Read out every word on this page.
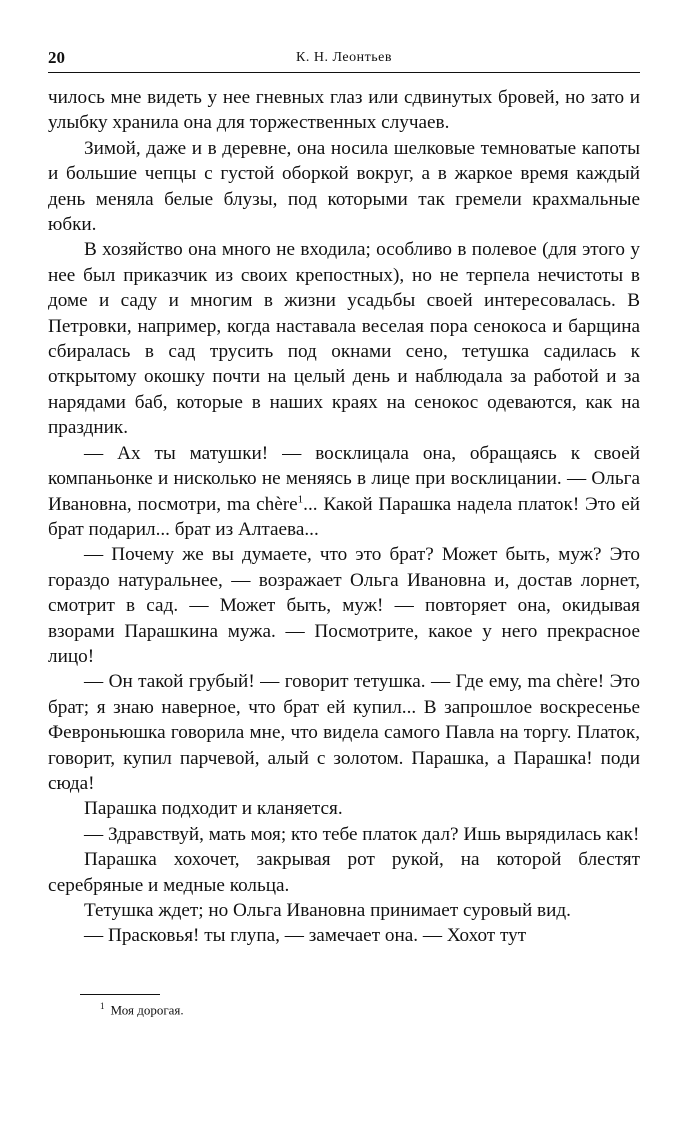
20	К. Н. Леонтьев

чилось мне видеть у нее гневных глаз или сдвинутых бровей, но зато и улыбку хранила она для торжественных случаев.

Зимой, даже и в деревне, она носила шелковые темноватые капоты и большие чепцы с густой оборкой вокруг, а в жаркое время каждый день меняла белые блузы, под которыми так гремели крахмальные юбки.

В хозяйство она много не входила; особливо в полевое (для этого у нее был приказчик из своих крепостных), но не терпела нечистоты в доме и саду и многим в жизни усадьбы своей интересовалась. В Петровки, например, когда наставала веселая пора сенокоса и барщина сбиралась в сад трусить под окнами сено, тетушка садилась к открытому окошку почти на целый день и наблюдала за работой и за нарядами баб, которые в наших краях на сенокос одеваются, как на праздник.

— Ах ты матушки! — восклицала она, обращаясь к своей компаньонке и нисколько не меняясь в лице при восклицании. — Ольга Ивановна, посмотри, ma chère$^1$... Какой Парашка надела платок! Это ей брат подарил... брат из Алтаева...

— Почему же вы думаете, что это брат? Может быть, муж? Это гораздо натуральнее, — возражает Ольга Ивановна и, достав лорнет, смотрит в сад. — Может быть, муж! — повторяет она, окидывая взорами Парашкина мужа. — Посмотрите, какое у него прекрасное лицо!

— Он такой грубый! — говорит тетушка. — Где ему, ma chère! Это брат; я знаю наверное, что брат ей купил... В запрошлое воскресенье Февроньюшка говорила мне, что видела самого Павла на торгу. Платок, говорит, купил парчевой, алый с золотом. Парашка, а Парашка! поди сюда!

Парашка подходит и кланяется.

— Здравствуй, мать моя; кто тебе платок дал? Ишь вырядилась как!

Парашка хохочет, закрывая рот рукой, на которой блестят серебряные и медные кольца.

Тетушка ждет; но Ольга Ивановна принимает суровый вид.

— Прасковья! ты глупа, — замечает она. — Хохот тут

$^1$ Моя дорогая.
